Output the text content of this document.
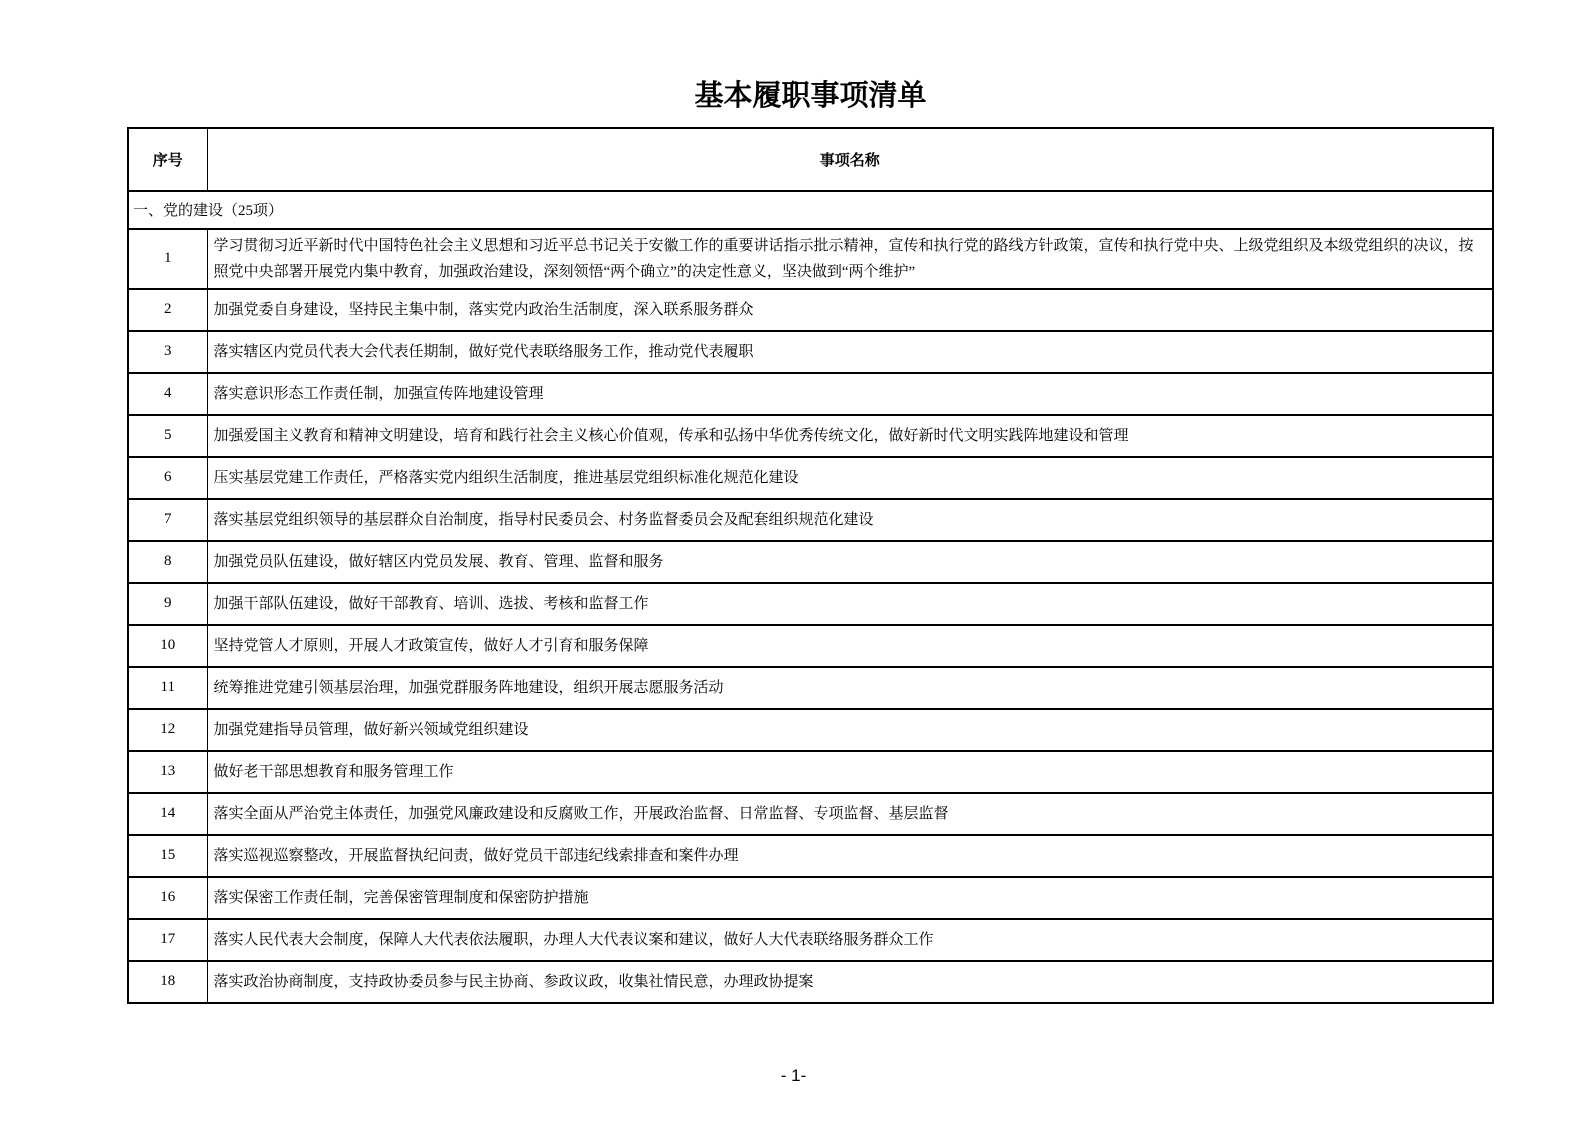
基本履职事项清单
序号	事项名称
一、党的建设（25项）	
1	学习贯彻习近平新时代中国特色社会主义思想和习近平总书记关于安徽工作的重要讲话指示批示精神，宣传和执行党的路线方针政策，宣传和执行党中央、上级党组织及本级党组织的决议，按照党中央部署开展党内集中教育，加强政治建设，深刻领悟“两个确立”的决定性意义，坚决做到“两个维护”
2	加强党委自身建设，坚持民主集中制，落实党内政治生活制度，深入联系服务群众
3	落实辖区内党员代表大会代表任期制，做好党代表联络服务工作，推动党代表履职
4	落实意识形态工作责任制，加强宣传阵地建设管理
5	加强爱国主义教育和精神文明建设，培育和践行社会主义核心价值观，传承和弘扬中华优秀传统文化，做好新时代文明实践阵地建设和管理
6	压实基层党建工作责任，严格落实党内组织生活制度，推进基层党组织标准化规范化建设
7	落实基层党组织领导的基层群众自治制度，指导村民委员会、村务监督委员会及配套组织规范化建设
8	加强党员队伍建设，做好辖区内党员发展、教育、管理、监督和服务
9	加强干部队伍建设，做好干部教育、培训、选拔、考核和监督工作
10	坚持党管人才原则，开展人才政策宣传，做好人才引育和服务保障
11	统筹推进党建引领基层治理，加强党群服务阵地建设，组织开展志愿服务活动
12	加强党建指导员管理，做好新兴领域党组织建设
13	做好老干部思想教育和服务管理工作
14	落实全面从严治党主体责任，加强党风廉政建设和反腐败工作，开展政治监督、日常监督、专项监督、基层监督
15	落实巡视巡察整改，开展监督执纪问责，做好党员干部违纪线索排查和案件办理
16	落实保密工作责任制，完善保密管理制度和保密防护措施
17	落实人民代表大会制度，保障人大代表依法履职，办理人大代表议案和建议，做好人大代表联络服务群众工作
18	落实政治协商制度，支持政协委员参与民主协商、参政议政，收集社情民意，办理政协提案
- 1-
